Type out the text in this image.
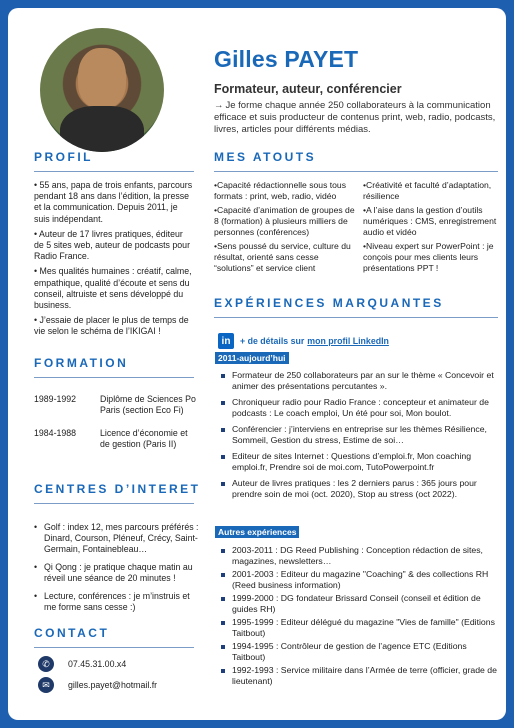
Gilles PAYET
Formateur, auteur, conférencier
→ Je forme chaque année 250 collaborateurs à la communication efficace et suis producteur de contenus print, web, radio, podcasts, livres, articles pour différents médias.
PROFIL
• 55 ans, papa de trois enfants, parcours pendant 18 ans dans l’édition, la presse et la communication. Depuis 2011, je suis indépendant.
• Auteur de 17 livres pratiques, éditeur de 5 sites web, auteur de podcasts pour Radio France.
• Mes qualités humaines : créatif, calme, empathique, qualité d’écoute et sens du conseil, altruiste et sens développé du business.
• J’essaie de placer le plus de temps de vie selon le schéma de l’IKIGAI !
MES ATOUTS
•Capacité rédactionnelle sous tous formats : print, web, radio, vidéo
•Capacité d’animation de groupes de 8 (formation) à plusieurs milliers de personnes (conférences)
•Sens poussé du service, culture du résultat, orienté sans cesse “solutions” et service client
•Créativité et faculté d’adaptation, résilience
•A l’aise dans la gestion d’outils numériques : CMS, enregistrement audio et vidéo
•Niveau expert sur PowerPoint : je conçois pour mes clients leurs présentations PPT !
EXPÉRIENCES MARQUANTES
in	+ de détails sur mon profil LinkedIn
2011-aujourd’hui
Formateur de 250 collaborateurs par an sur le thème « Concevoir et animer des présentations percutantes ».
Chroniqueur radio pour Radio France : concepteur et animateur de podcasts : Le coach emploi, Un été pour soi, Mon boulot.
Conférencier : j’interviens en entreprise sur les thèmes Résilience, Sommeil, Gestion du stress, Estime de soi…
Editeur de sites Internet : Questions d’emploi.fr, Mon coaching emploi.fr, Prendre soi de moi.com, TutoPowerpoint.fr
Auteur de livres pratiques : les 2 derniers parus : 365 jours pour prendre soin de moi (oct. 2020), Stop au stress (oct 2022).
Autres expériences
2003-2011 : DG Reed Publishing : Conception rédaction de sites, magazines, newsletters…
2001-2003 : Editeur du magazine "Coaching" & des collections RH (Reed business information)
1999-2000 : DG fondateur Brissard Conseil (conseil et édition de guides RH)
1995-1999 : Editeur délégué du magazine "Vies de famille" (Editions Taitbout)
1994-1995 : Contrôleur de gestion de l’agence ETC (Editions Taitbout)
1992-1993 : Service militaire dans l’Armée de terre (officier, grade de lieutenant)
FORMATION
1989-1992	Diplôme de Sciences Po Paris (section Eco Fi)
1984-1988	Licence d’économie et de gestion (Paris II)
CENTRES D’INTERET
• Golf : index 12, mes parcours préférés : Dinard, Courson, Pléneuf, Crécy, Saint-Germain, Fontainebleau…
• Qi Qong : je pratique chaque matin au réveil une séance de 20 minutes !
• Lecture, conférences : je m’instruis et me forme sans cesse :)
CONTACT
✆	07.45.31.00.x4
✉	gilles.payet@hotmail.fr
